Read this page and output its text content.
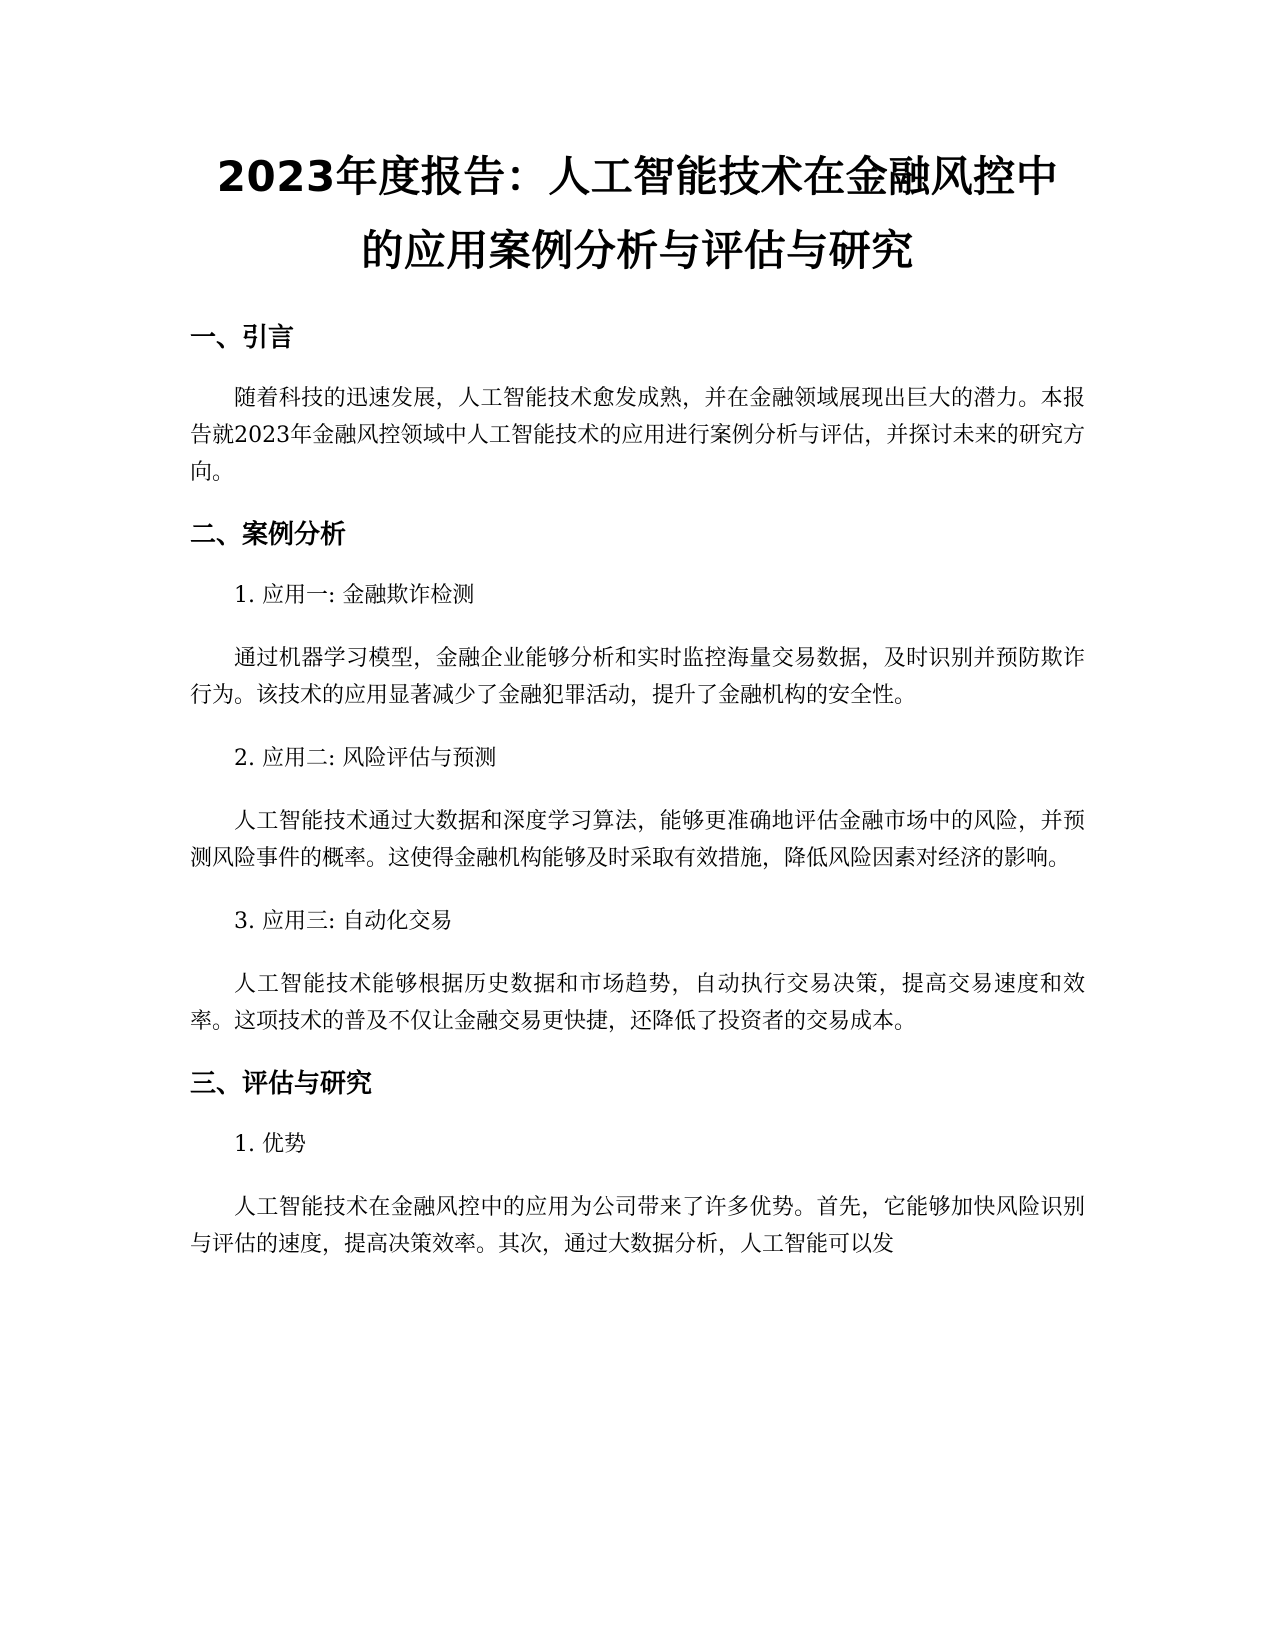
2023年度报告：人工智能技术在金融风控中
的应用案例分析与评估与研究
一、引言
随着科技的迅速发展，人工智能技术愈发成熟，并在金融领域展现出巨大的潜力。本报告就2023年金融风控领域中人工智能技术的应用进行案例分析与评估，并探讨未来的研究方向。
二、案例分析
1. 应用一: 金融欺诈检测
通过机器学习模型，金融企业能够分析和实时监控海量交易数据，及时识别并预防欺诈行为。该技术的应用显著减少了金融犯罪活动，提升了金融机构的安全性。
2. 应用二: 风险评估与预测
人工智能技术通过大数据和深度学习算法，能够更准确地评估金融市场中的风险，并预测风险事件的概率。这使得金融机构能够及时采取有效措施，降低风险因素对经济的影响。
3. 应用三: 自动化交易
人工智能技术能够根据历史数据和市场趋势，自动执行交易决策，提高交易速度和效率。这项技术的普及不仅让金融交易更快捷，还降低了投资者的交易成本。
三、评估与研究
1. 优势
人工智能技术在金融风控中的应用为公司带来了许多优势。首先，它能够加快风险识别与评估的速度，提高决策效率。其次，通过大数据分析，人工智能可以发
